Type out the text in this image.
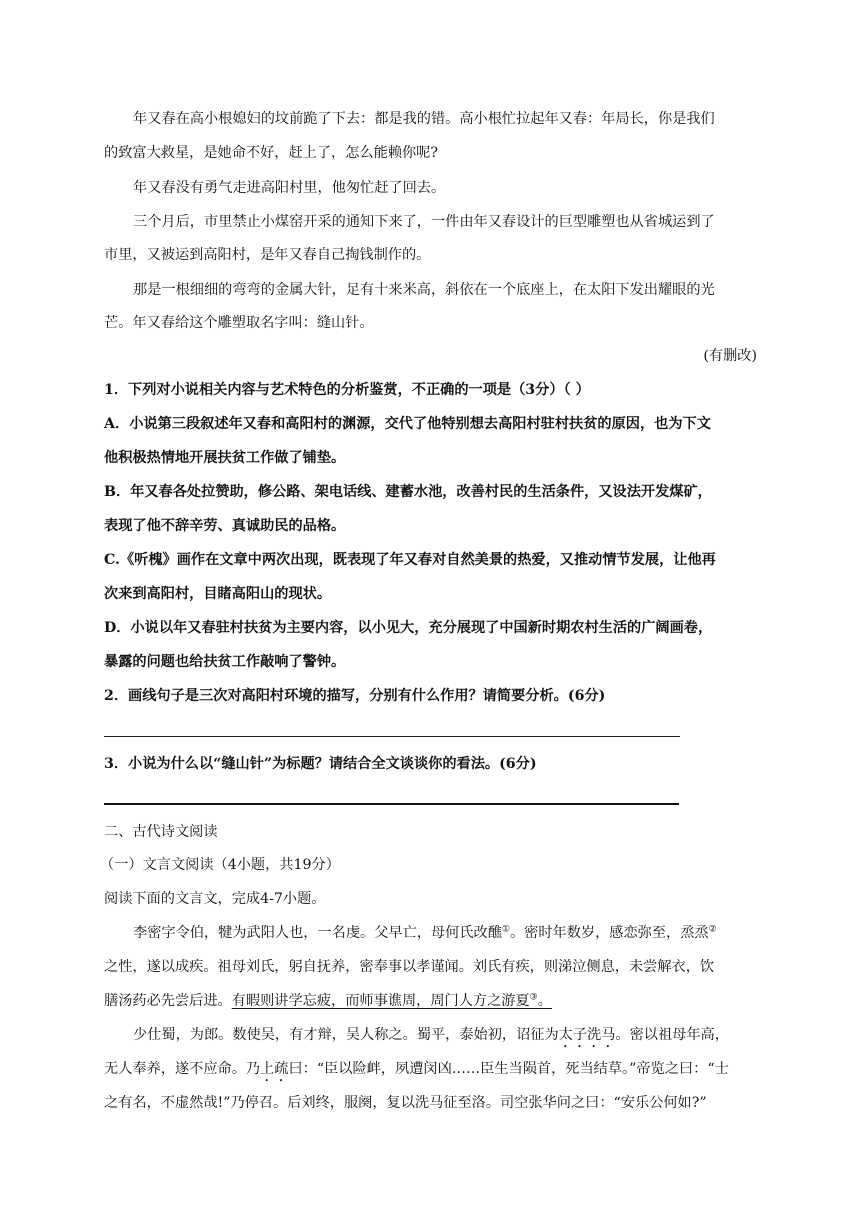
年又春在高小根媳妇的坟前跪了下去：都是我的错。高小根忙拉起年又春：年局长，你是我们
的致富大救星，是她命不好，赶上了，怎么能赖你呢?
年又春没有勇气走进高阳村里，他匆忙赶了回去。
三个月后，市里禁止小煤窑开采的通知下来了，一件由年又春设计的巨型雕塑也从省城运到了
市里，又被运到高阳村，是年又春自己掏钱制作的。
那是一根细细的弯弯的金属大针，足有十来米高，斜依在一个底座上，在太阳下发出耀眼的光
芒。年又春给这个雕塑取名字叫：缝山针。
(有删改)
1．下列对小说相关内容与艺术特色的分析鉴赏，不正确的一项是（3分）（ ）
A．小说第三段叙述年又春和高阳村的渊源，交代了他特别想去高阳村驻村扶贫的原因，也为下文
他积极热情地开展扶贫工作做了铺垫。
B．年又春各处拉赞助，修公路、架电话线、建蓄水池，改善村民的生活条件，又设法开发煤矿，
表现了他不辞辛劳、真诚助民的品格。
C.《听槐》画作在文章中两次出现，既表现了年又春对自然美景的热爱，又推动情节发展，让他再
次来到高阳村，目睹高阳山的现状。
D．小说以年又春驻村扶贫为主要内容，以小见大，充分展现了中国新时期农村生活的广阔画卷，
暴露的问题也给扶贫工作敲响了警钟。
2．画线句子是三次对高阳村环境的描写，分别有什么作用？请简要分析。(6分)
3．小说为什么以“缝山针”为标题？请结合全文谈谈你的看法。(6分)
二、古代诗文阅读
（一）文言文阅读（4小题，共19分）
阅读下面的文言文，完成4-7小题。
李密字令伯，犍为武阳人也，一名虔。父早亡，母何氏改醮①。密时年数岁，感恋弥至，烝烝②
之性，遂以成疾。祖母刘氏，躬自抚养，密奉事以孝谨闻。刘氏有疾，则涕泣侧息，未尝解衣，饮
膳汤药必先尝后进。有暇则讲学忘疲，而师事谯周，周门人方之游夏③。
少仕蜀，为郎。数使吴，有才辩，吴人称之。蜀平，泰始初，诏征为太子洗马。密以祖母年高，
无人奉养，遂不应命。乃上疏曰：“臣以险衅，夙遭闵凶……臣生当陨首，死当结草。”帝览之曰：“士
之有名，不虚然哉!”乃停召。后刘终，服阕，复以洗马征至洛。司空张华问之曰：“安乐公何如?”
